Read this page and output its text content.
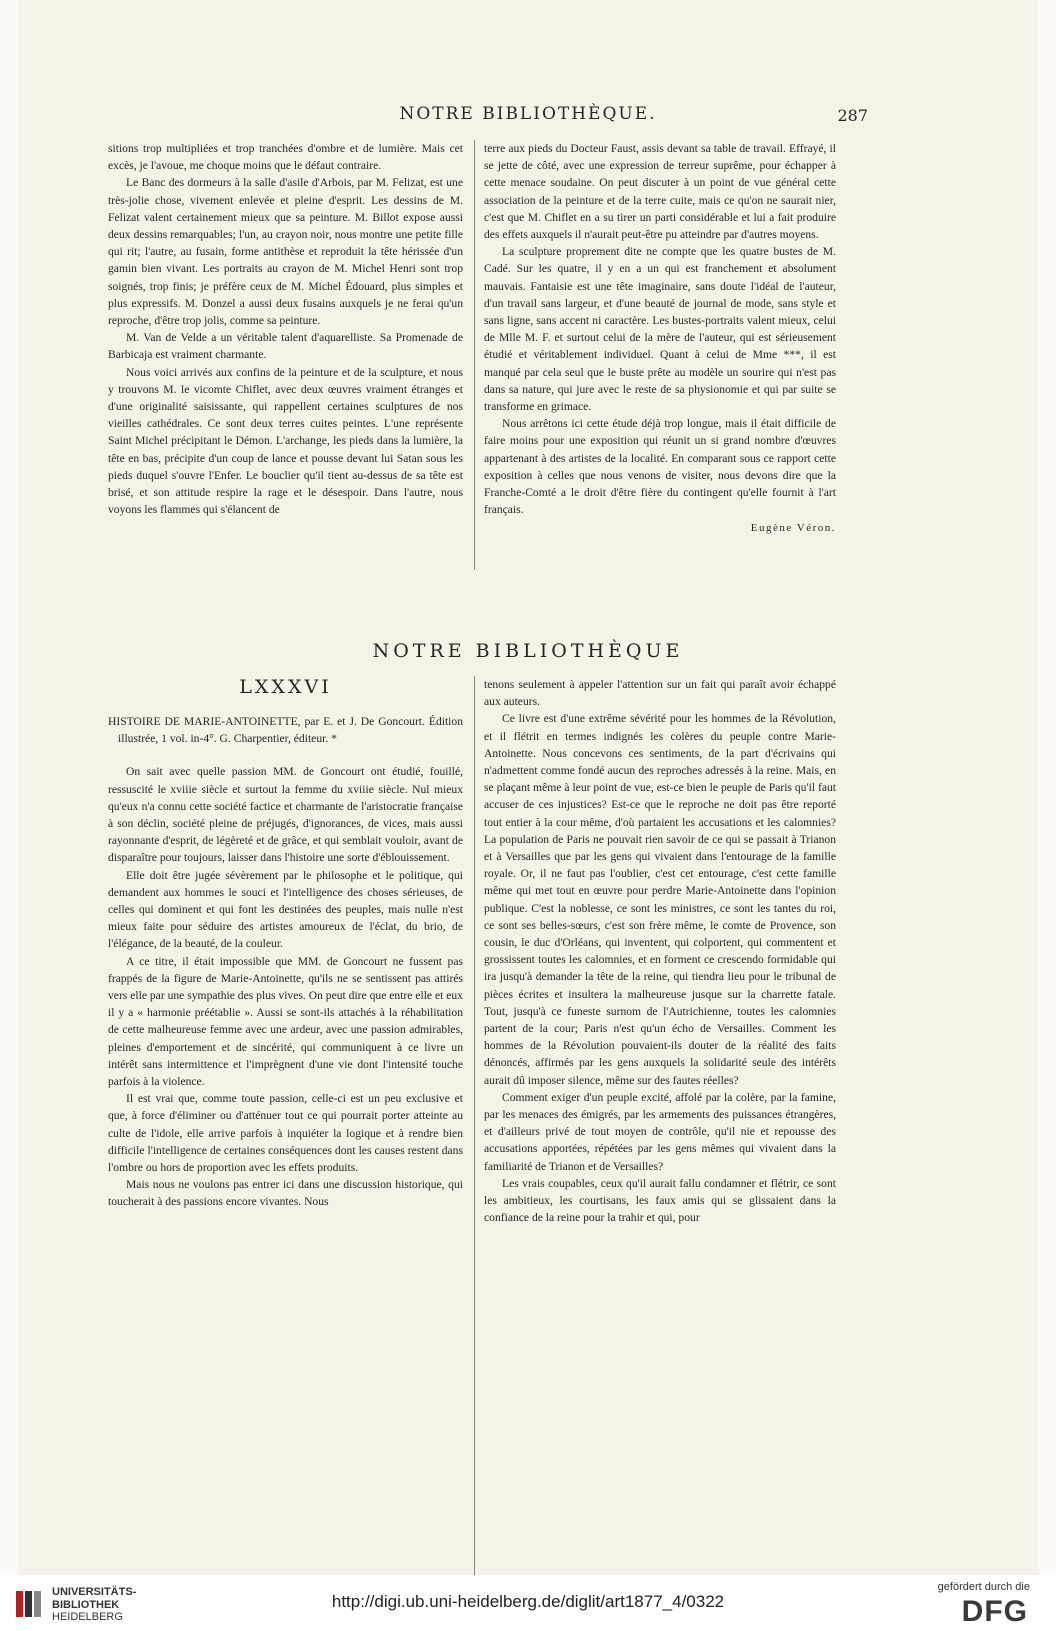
NOTRE BIBLIOTHÈQUE.	287

sitions trop multipliées et trop tranchées d'ombre et de lumière. Mais cet excès, je l'avoue, me choque moins que le défaut contraire.

Le Banc des dormeurs à la salle d'asile d'Arbois, par M. Felizat, est une très-jolie chose, vivement enlevée et pleine d'esprit. Les dessins de M. Felizat valent certainement mieux que sa peinture. M. Billot expose aussi deux dessins remarquables; l'un, au crayon noir, nous montre une petite fille qui rit; l'autre, au fusain, forme antithèse et reproduit la tête hérissée d'un gamin bien vivant. Les portraits au crayon de M. Michel Henri sont trop soignés, trop finis; je préfère ceux de M. Michel Édouard, plus simples et plus expressifs. M. Donzel a aussi deux fusains auxquels je ne ferai qu'un reproche, d'être trop jolis, comme sa peinture.

M. Van de Velde a un véritable talent d'aquarelliste. Sa Promenade de Barbicaja est vraiment charmante.

Nous voici arrivés aux confins de la peinture et de la sculpture, et nous y trouvons M. le vicomte Chiflet, avec deux œuvres vraiment étranges et d'une originalité saisissante, qui rappellent certaines sculptures de nos vieilles cathédrales. Ce sont deux terres cuites peintes. L'une représente Saint Michel précipitant le Démon. L'archange, les pieds dans la lumière, la tête en bas, précipite d'un coup de lance et pousse devant lui Satan sous les pieds duquel s'ouvre l'Enfer. Le bouclier qu'il tient au-dessus de sa tête est brisé, et son attitude respire la rage et le désespoir. Dans l'autre, nous voyons les flammes qui s'élancent de

terre aux pieds du Docteur Faust, assis devant sa table de travail. Effrayé, il se jette de côté, avec une expression de terreur suprême, pour échapper à cette menace soudaine. On peut discuter à un point de vue général cette association de la peinture et de la terre cuite, mais ce qu'on ne saurait nier, c'est que M. Chiflet en a su tirer un parti considérable et lui a fait produire des effets auxquels il n'aurait peut-être pu atteindre par d'autres moyens.

La sculpture proprement dite ne compte que les quatre bustes de M. Cadé. Sur les quatre, il y en a un qui est franchement et absolument mauvais. Fantaisie est une tête imaginaire, sans doute l'idéal de l'auteur, d'un travail sans largeur, et d'une beauté de journal de mode, sans style et sans ligne, sans accent ni caractère. Les bustes-portraits valent mieux, celui de Mlle M. F. et surtout celui de la mère de l'auteur, qui est sérieusement étudié et véritablement individuel. Quant à celui de Mme ***, il est manqué par cela seul que le buste prête au modèle un sourire qui n'est pas dans sa nature, qui jure avec le reste de sa physionomie et qui par suite se transforme en grimace.

Nous arrêtons ici cette étude déjà trop longue, mais il était difficile de faire moins pour une exposition qui réunit un si grand nombre d'œuvres appartenant à des artistes de la localité. En comparant sous ce rapport cette exposition à celles que nous venons de visiter, nous devons dire que la Franche-Comté a le droit d'être fière du contingent qu'elle fournit à l'art français.

Eugène Véron.

NOTRE BIBLIOTHÈQUE
LXXXVI

HISTOIRE DE MARIE-ANTOINETTE, par E. et J. De Goncourt. Édition illustrée, 1 vol. in-4°. G. Charpentier, éditeur. *

On sait avec quelle passion MM. de Goncourt ont étudié, fouillé, ressuscité le xviiie siècle et surtout la femme du xviiie siècle. Nul mieux qu'eux n'a connu cette société factice et charmante de l'aristocratie française à son déclin, société pleine de préjugés, d'ignorances, de vices, mais aussi rayonnante d'esprit, de légèreté et de grâce, et qui semblait vouloir, avant de disparaître pour toujours, laisser dans l'histoire une sorte d'éblouissement.

Elle doit être jugée sévèrement par le philosophe et le politique, qui demandent aux hommes le souci et l'intelligence des choses sérieuses, de celles qui dominent et qui font les destinées des peuples, mais nulle n'est mieux faite pour séduire des artistes amoureux de l'éclat, du brio, de l'élégance, de la beauté, de la couleur.

A ce titre, il était impossible que MM. de Goncourt ne fussent pas frappés de la figure de Marie-Antoinette, qu'ils ne se sentissent pas attirés vers elle par une sympathie des plus vives. On peut dire que entre elle et eux il y a « harmonie préétablie ». Aussi se sont-ils attachés à la réhabilitation de cette malheureuse femme avec une ardeur, avec une passion admirables, pleines d'emportement et de sincérité, qui communiquent à ce livre un intérêt sans intermittence et l'imprègnent d'une vie dont l'intensité touche parfois à la violence.

Il est vrai que, comme toute passion, celle-ci est un peu exclusive et que, à force d'éliminer ou d'atténuer tout ce qui pourrait porter atteinte au culte de l'idole, elle arrive parfois à inquiéter la logique et à rendre bien difficile l'intelligence de certaines conséquences dont les causes restent dans l'ombre ou hors de proportion avec les effets produits.

Mais nous ne voulons pas entrer ici dans une discussion historique, qui toucherait à des passions encore vivantes. Nous

tenons seulement à appeler l'attention sur un fait qui paraît avoir échappé aux auteurs.

Ce livre est d'une extrême sévérité pour les hommes de la Révolution, et il flétrit en termes indignés les colères du peuple contre Marie-Antoinette. Nous concevons ces sentiments, de la part d'écrivains qui n'admettent comme fondé aucun des reproches adressés à la reine. Mais, en se plaçant même à leur point de vue, est-ce bien le peuple de Paris qu'il faut accuser de ces injustices? Est-ce que le reproche ne doit pas être reporté tout entier à la cour même, d'où partaient les accusations et les calomnies? La population de Paris ne pouvait rien savoir de ce qui se passait à Trianon et à Versailles que par les gens qui vivaient dans l'entourage de la famille royale. Or, il ne faut pas l'oublier, c'est cet entourage, c'est cette famille même qui met tout en œuvre pour perdre Marie-Antoinette dans l'opinion publique. C'est la noblesse, ce sont les ministres, ce sont les tantes du roi, ce sont ses belles-sœurs, c'est son frère même, le comte de Provence, son cousin, le duc d'Orléans, qui inventent, qui colportent, qui commentent et grossissent toutes les calomnies, et en forment ce crescendo formidable qui ira jusqu'à demander la tête de la reine, qui tiendra lieu pour le tribunal de pièces écrites et insultera la malheureuse jusque sur la charrette fatale. Tout, jusqu'à ce funeste surnom de l'Autrichienne, toutes les calomnies partent de la cour; Paris n'est qu'un écho de Versailles. Comment les hommes de la Révolution pouvaient-ils douter de la réalité des faits dénoncés, affirmés par les gens auxquels la solidarité seule des intérêts aurait dû imposer silence, même sur des fautes réelles?

Comment exiger d'un peuple excité, affolé par la colère, par la famine, par les menaces des émigrés, par les armements des puissances étrangères, et d'ailleurs privé de tout moyen de contrôle, qu'il nie et repousse des accusations apportées, répétées par les gens mêmes qui vivaient dans la familiarité de Trianon et de Versailles?

Les vrais coupables, ceux qu'il aurait fallu condamner et flétrir, ce sont les ambitieux, les courtisans, les faux amis qui se glissaient dans la confiance de la reine pour la trahir et qui, pour

UNIVERSITÄTS-
BIBLIOTHEK
HEIDELBERG
http://digi.ub.uni-heidelberg.de/diglit/art1877_4/0322
gefördert durch die
DFG
